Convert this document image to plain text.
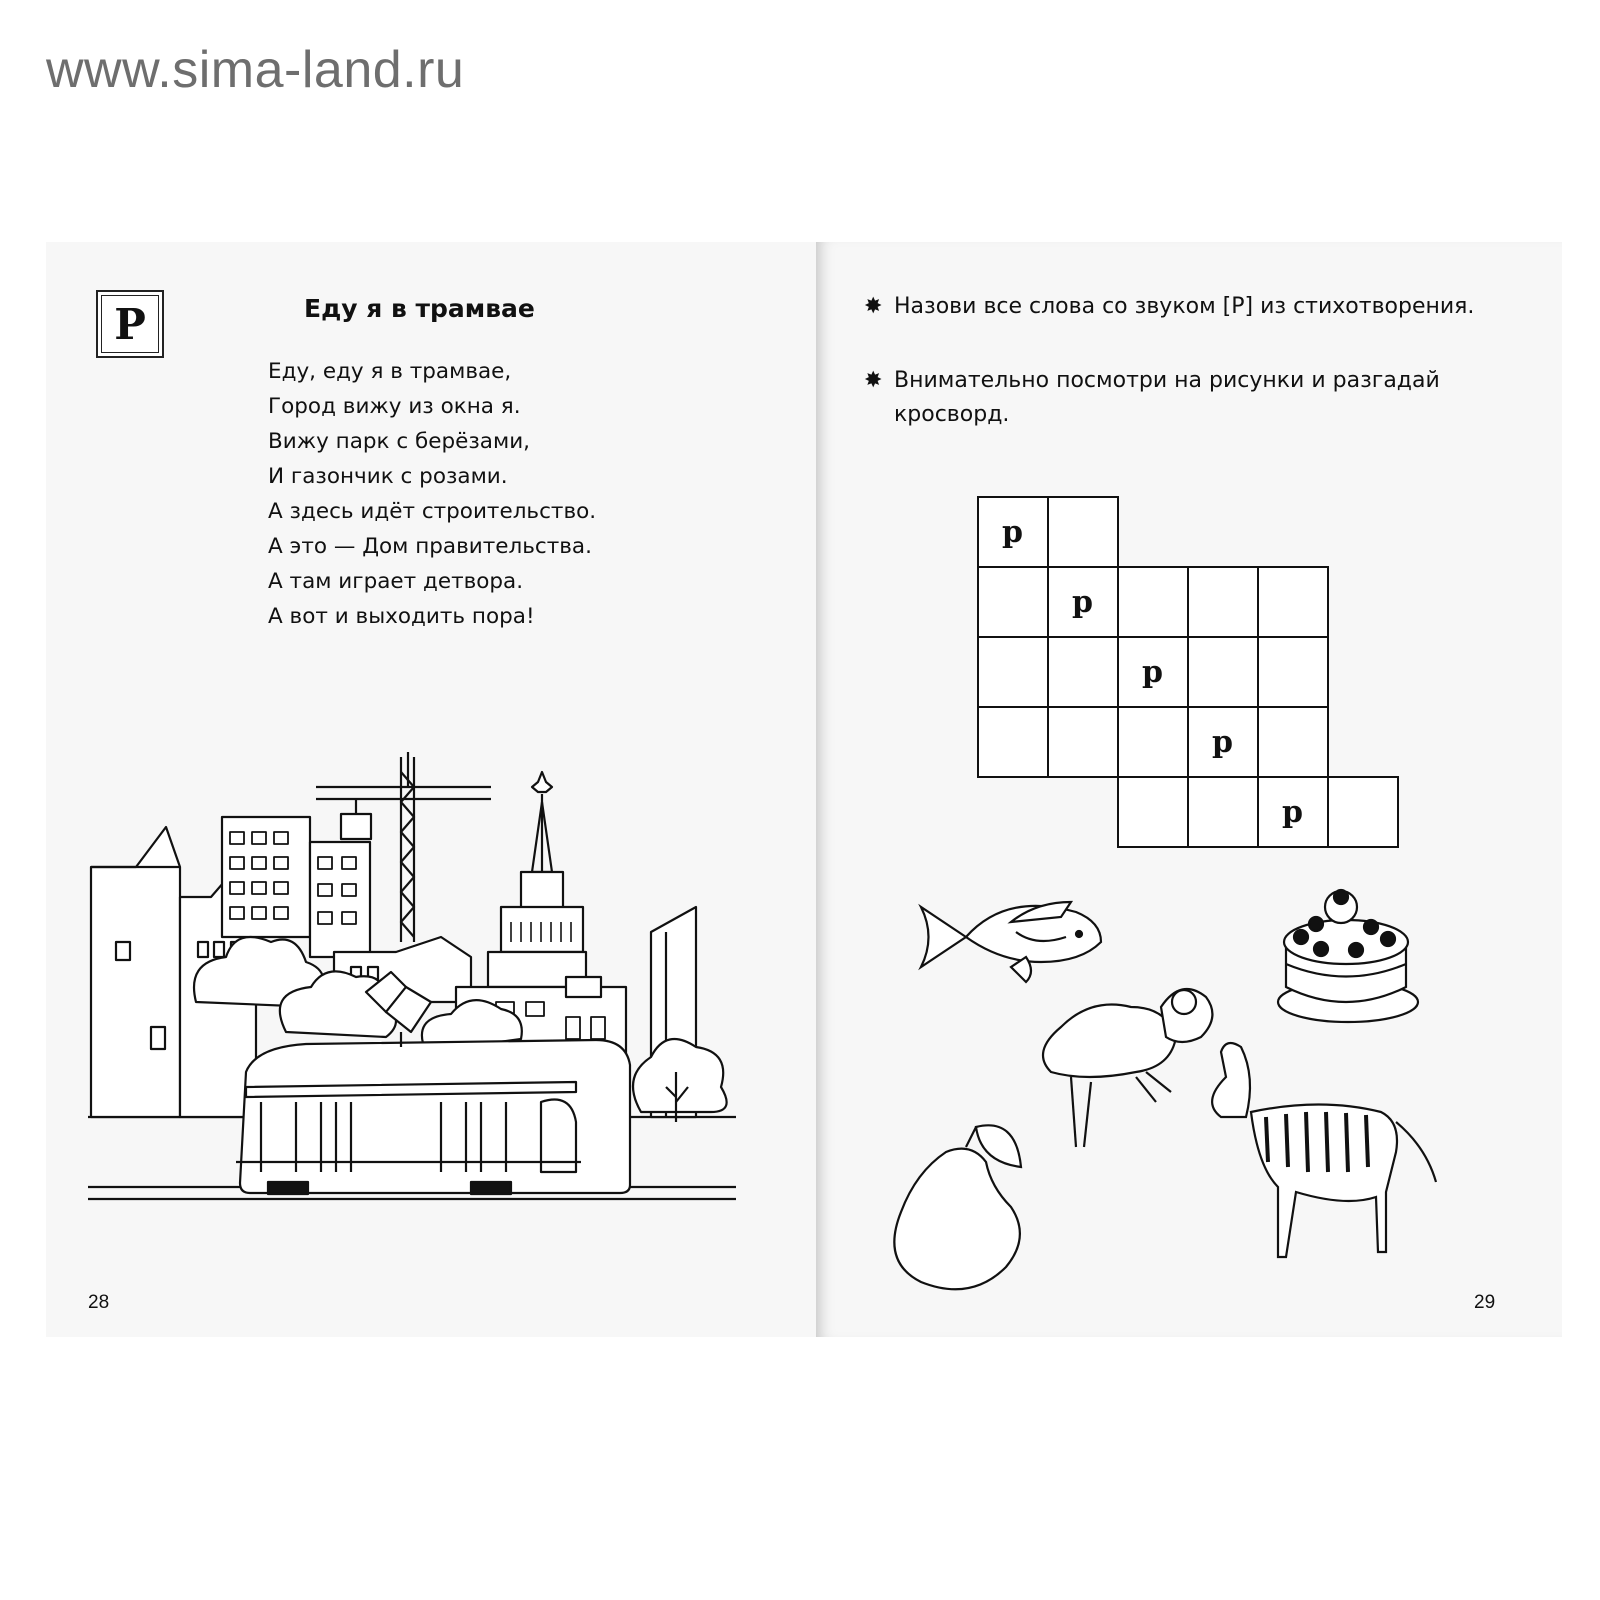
www.sima-land.ru
Р	Еду я в трамвае
Еду, еду я в трамвае,
Город вижу из окна я.
Вижу парк с берёзами,
И газончик с розами.
А здесь идёт строительство.
А это — Дом правительства.
А там играет детвора.
А вот и выходить пора!
28
✸ Назови все слова со звуком [Р] из стихотворения.
✸ Внимательно посмотри на рисунки и разгадай кросворд.
р
р
р
р
р
29
